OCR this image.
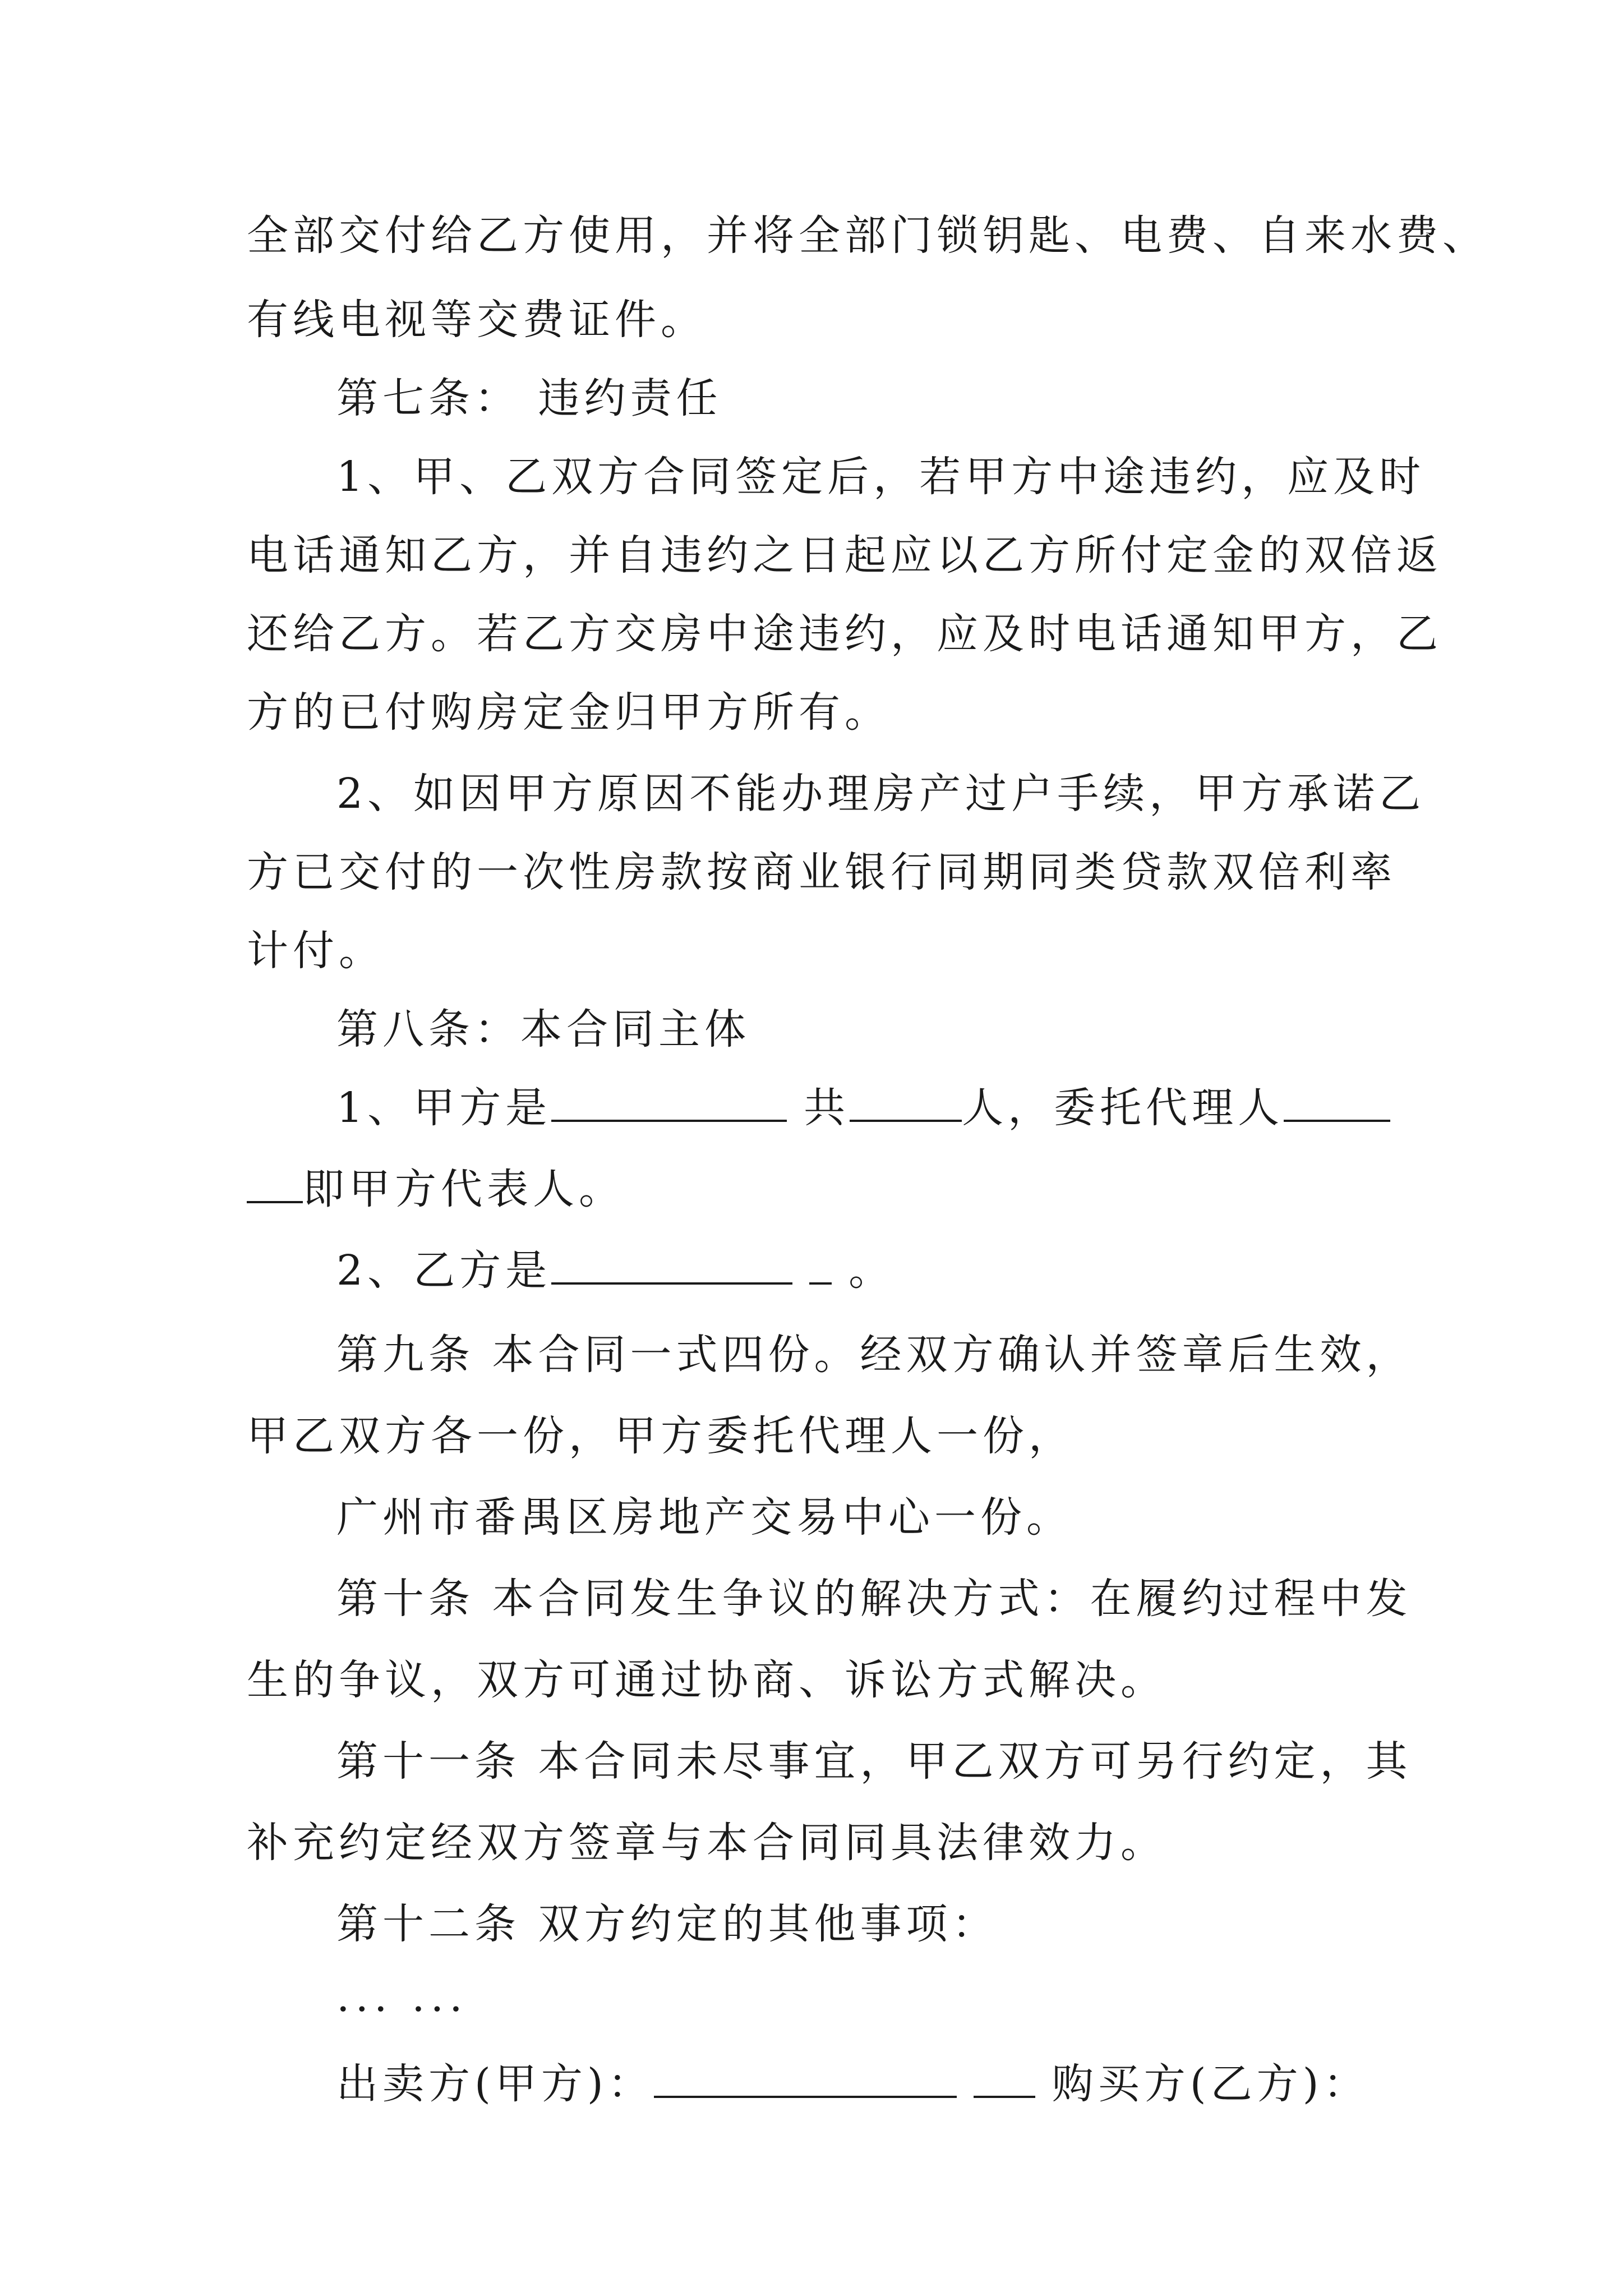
全部交付给乙方使用，并将全部门锁钥匙、电费、自来水费、
有线电视等交费证件。
第七条： 违约责任
1、甲、乙双方合同签定后，若甲方中途违约，应及时
电话通知乙方，并自违约之日起应以乙方所付定金的双倍返
还给乙方。若乙方交房中途违约，应及时电话通知甲方，乙
方的已付购房定金归甲方所有。
2、如因甲方原因不能办理房产过户手续，甲方承诺乙
方已交付的一次性房款按商业银行同期同类贷款双倍利率
计付。
第八条：本合同主体
1、甲方是	共	人，委托代理人
即甲方代表人。
2、乙方是	。
第九条 本合同一式四份。经双方确认并签章后生效，
甲乙双方各一份，甲方委托代理人一份，
广州市番禺区房地产交易中心一份。
第十条 本合同发生争议的解决方式：在履约过程中发
生的争议，双方可通过协商、诉讼方式解决。
第十一条 本合同未尽事宜，甲乙双方可另行约定，其
补充约定经双方签章与本合同同具法律效力。
第十二条 双方约定的其他事项：
... ...
出卖方(甲方)：	购买方(乙方)：
